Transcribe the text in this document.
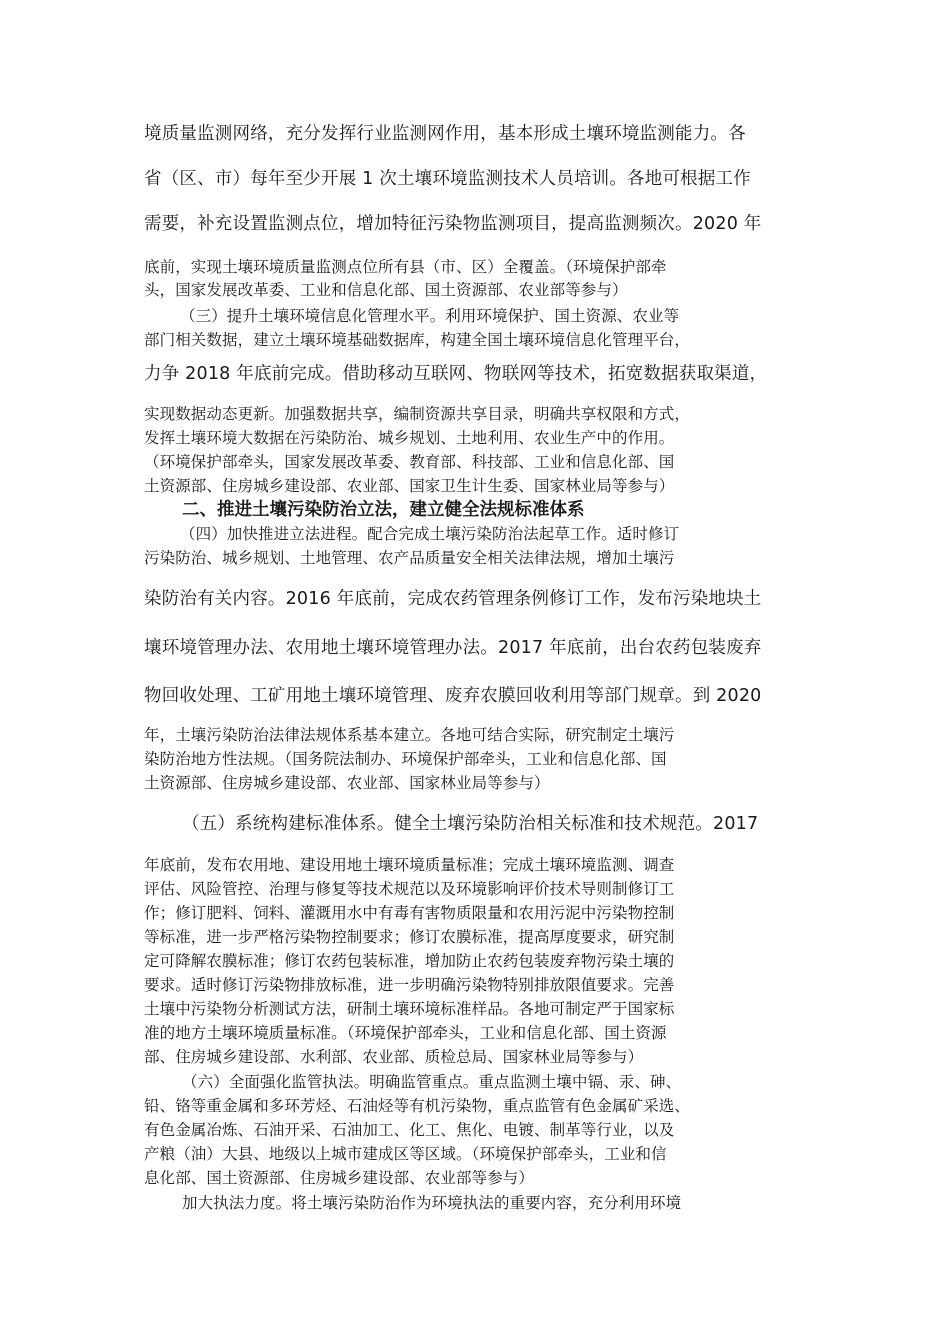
境质量监测网络，充分发挥行业监测网作用，基本形成土壤环境监测能力。各
省（区、市）每年至少开展 1 次土壤环境监测技术人员培训。各地可根据工作
需要，补充设置监测点位，增加特征污染物监测项目，提高监测频次。2020 年
底前，实现土壤环境质量监测点位所有县（市、区）全覆盖。（环境保护部牵
头，国家发展改革委、工业和信息化部、国土资源部、农业部等参与）
（三）提升土壤环境信息化管理水平。利用环境保护、国土资源、农业等
部门相关数据，建立土壤环境基础数据库，构建全国土壤环境信息化管理平台，
力争 2018 年底前完成。借助移动互联网、物联网等技术，拓宽数据获取渠道，
实现数据动态更新。加强数据共享，编制资源共享目录，明确共享权限和方式，
发挥土壤环境大数据在污染防治、城乡规划、土地利用、农业生产中的作用。
（环境保护部牵头，国家发展改革委、教育部、科技部、工业和信息化部、国
土资源部、住房城乡建设部、农业部、国家卫生计生委、国家林业局等参与）
二、推进土壤污染防治立法，建立健全法规标准体系
（四）加快推进立法进程。配合完成土壤污染防治法起草工作。适时修订
污染防治、城乡规划、土地管理、农产品质量安全相关法律法规，增加土壤污
染防治有关内容。2016 年底前，完成农药管理条例修订工作，发布污染地块土
壤环境管理办法、农用地土壤环境管理办法。2017 年底前，出台农药包装废弃
物回收处理、工矿用地土壤环境管理、废弃农膜回收利用等部门规章。到 2020
年，土壤污染防治法律法规体系基本建立。各地可结合实际，研究制定土壤污
染防治地方性法规。（国务院法制办、环境保护部牵头，工业和信息化部、国
土资源部、住房城乡建设部、农业部、国家林业局等参与）
（五）系统构建标准体系。健全土壤污染防治相关标准和技术规范。2017
年底前，发布农用地、建设用地土壤环境质量标准；完成土壤环境监测、调查
评估、风险管控、治理与修复等技术规范以及环境影响评价技术导则制修订工
作；修订肥料、饲料、灌溉用水中有毒有害物质限量和农用污泥中污染物控制
等标准，进一步严格污染物控制要求；修订农膜标准，提高厚度要求，研究制
定可降解农膜标准；修订农药包装标准，增加防止农药包装废弃物污染土壤的
要求。适时修订污染物排放标准，进一步明确污染物特别排放限值要求。完善
土壤中污染物分析测试方法，研制土壤环境标准样品。各地可制定严于国家标
准的地方土壤环境质量标准。（环境保护部牵头，工业和信息化部、国土资源
部、住房城乡建设部、水利部、农业部、质检总局、国家林业局等参与）
（六）全面强化监管执法。明确监管重点。重点监测土壤中镉、汞、砷、
铅、铬等重金属和多环芳烃、石油烃等有机污染物，重点监管有色金属矿采选、
有色金属冶炼、石油开采、石油加工、化工、焦化、电镀、制革等行业，以及
产粮（油）大县、地级以上城市建成区等区域。（环境保护部牵头，工业和信
息化部、国土资源部、住房城乡建设部、农业部等参与）
加大执法力度。将土壤污染防治作为环境执法的重要内容，充分利用环境
